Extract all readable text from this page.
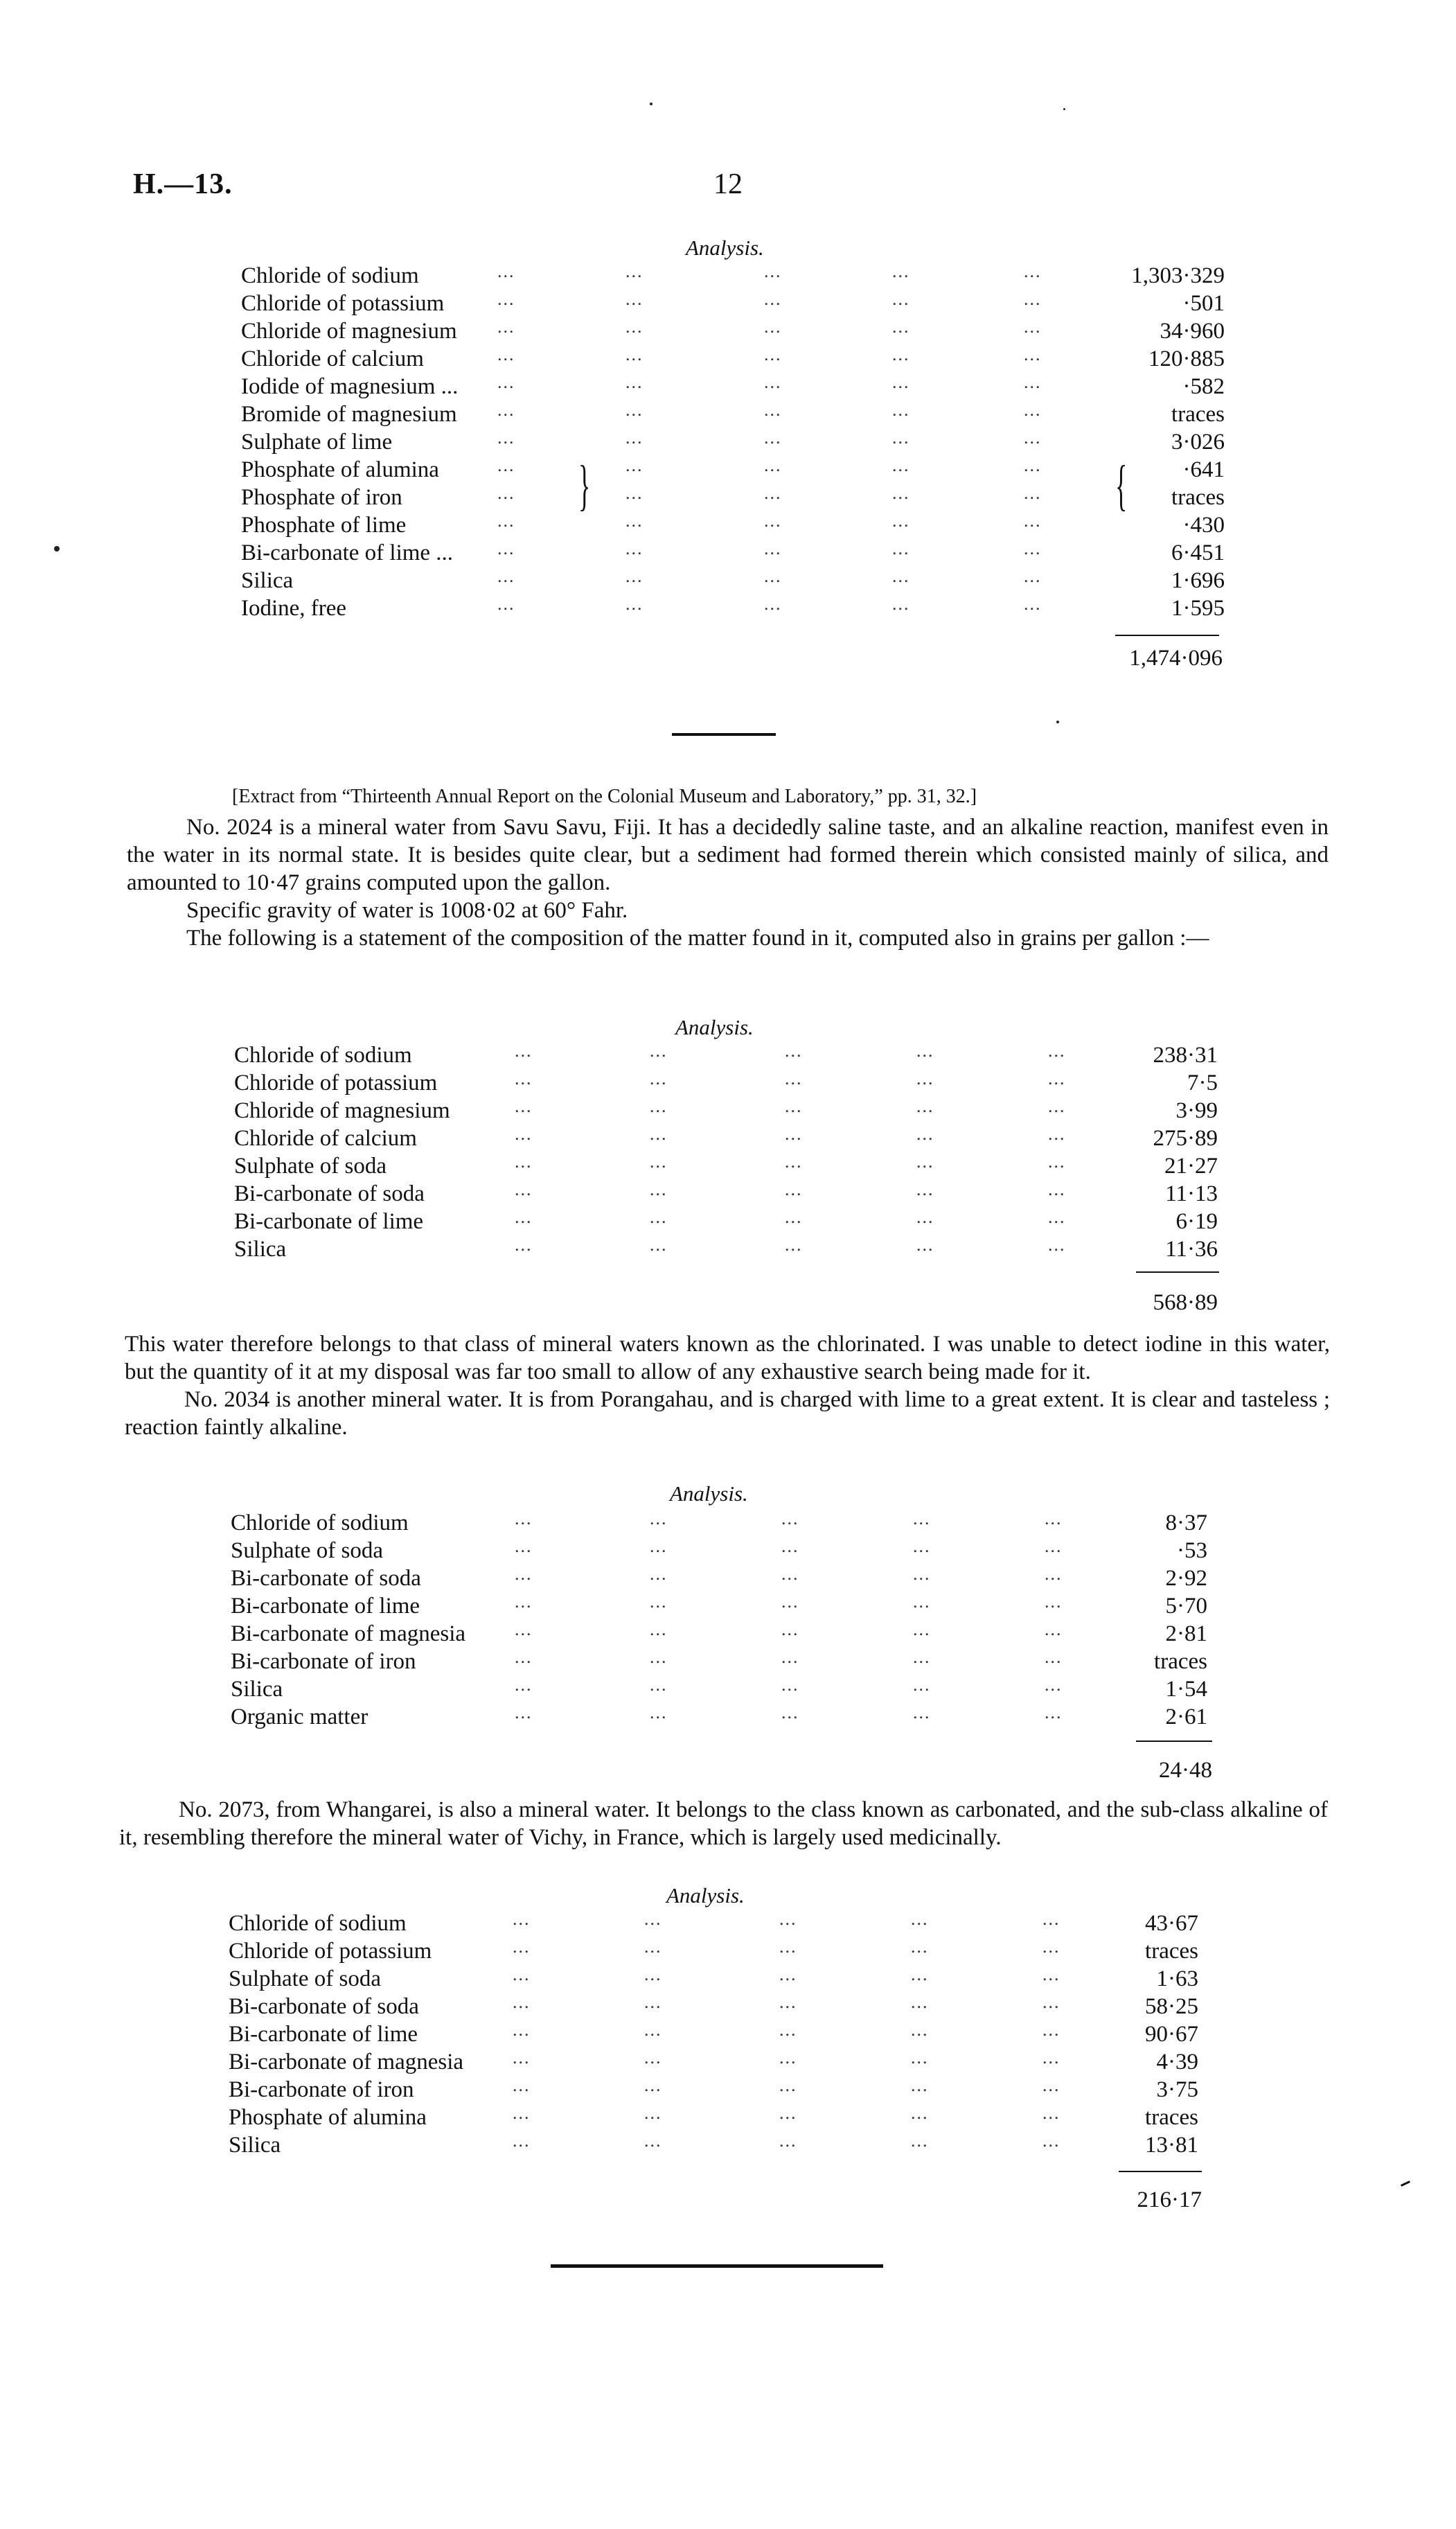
H.—13.	12
Analysis.
Chloride of sodium	...	...	...	...	...	1,303·329
Chloride of potassium	...	...	...	...	...	·501
Chloride of magnesium ...	...	...	...	...	34·960
Chloride of calcium	...	...	...	...	...	120·885
Iodide of magnesium ... ...	...	...	...	...	·582
Bromide of magnesium ...	...	...	...	...	traces
Sulphate of lime	...	...	...	...	...	3·026
Phosphate of alumina	...	...	...	...	...	·641
Phosphate of iron	...	...	...	...	...	traces
Phosphate of lime	...	...	...	...	...	·430
Bi-carbonate of lime ... ...	...	...	...	...	6·451
Silica	...	...	...	...	...	1·696
Iodine, free	...	...	...	...	...	1·595
}	{
1,474·096
[Extract from “Thirteenth Annual Report on the Colonial Museum and Laboratory,” pp. 31, 32.]

No. 2024 is a mineral water from Savu Savu, Fiji. It has a decidedly saline taste, and an alkaline reaction, manifest even in the water in its normal state. It is besides quite clear, but a sediment had formed therein which consisted mainly of silica, and amounted to 10·47 grains computed upon the gallon.

Specific gravity of water is 1008·02 at 60° Fahr.

The following is a statement of the composition of the matter found in it, computed also in grains per gallon :—

Analysis.
Chloride of sodium	...	...	...	...	...	238·31
Chloride of potassium	...	...	...	...	...	7·5
Chloride of magnesium	...	...	...	...	...	3·99
Chloride of calcium	...	...	...	...	...	275·89
Sulphate of soda	...	...	...	...	...	21·27
Bi-carbonate of soda	...	...	...	...	...	11·13
Bi-carbonate of lime	...	...	...	...	...	6·19
Silica	...	...	...	...	...	11·36
568·89

This water therefore belongs to that class of mineral waters known as the chlorinated. I was unable to detect iodine in this water, but the quantity of it at my disposal was far too small to allow of any exhaustive search being made for it.

No. 2034 is another mineral water. It is from Porangahau, and is charged with lime to a great extent. It is clear and tasteless ; reaction faintly alkaline.

Analysis.
Chloride of sodium	...	...	...	...	...	8·37
Sulphate of soda	...	...	...	...	...	·53
Bi-carbonate of soda	...	...	...	...	...	2·92
Bi-carbonate of lime	...	...	...	...	...	5·70
Bi-carbonate of magnesia	...	...	...	...	...	2·81
Bi-carbonate of iron	...	...	...	...	...	traces
Silica	...	...	...	...	...	1·54
Organic matter	...	...	...	...	...	2·61
24·48

No. 2073, from Whangarei, is also a mineral water. It belongs to the class known as carbonated, and the sub-class alkaline of it, resembling therefore the mineral water of Vichy, in France, which is largely used medicinally.

Analysis.
Chloride of sodium	...	...	...	...	...	43·67
Chloride of potassium	...	...	...	...	...	traces
Sulphate of soda	...	...	...	...	...	1·63
Bi-carbonate of soda	...	...	...	...	...	58·25
Bi-carbonate of lime	...	...	...	...	...	90·67
Bi-carbonate of magnesia	...	...	...	...	...	4·39
Bi-carbonate of iron	...	...	...	...	...	3·75
Phosphate of alumina	...	...	...	...	...	traces
Silica	...	...	...	...	...	13·81
216·17
